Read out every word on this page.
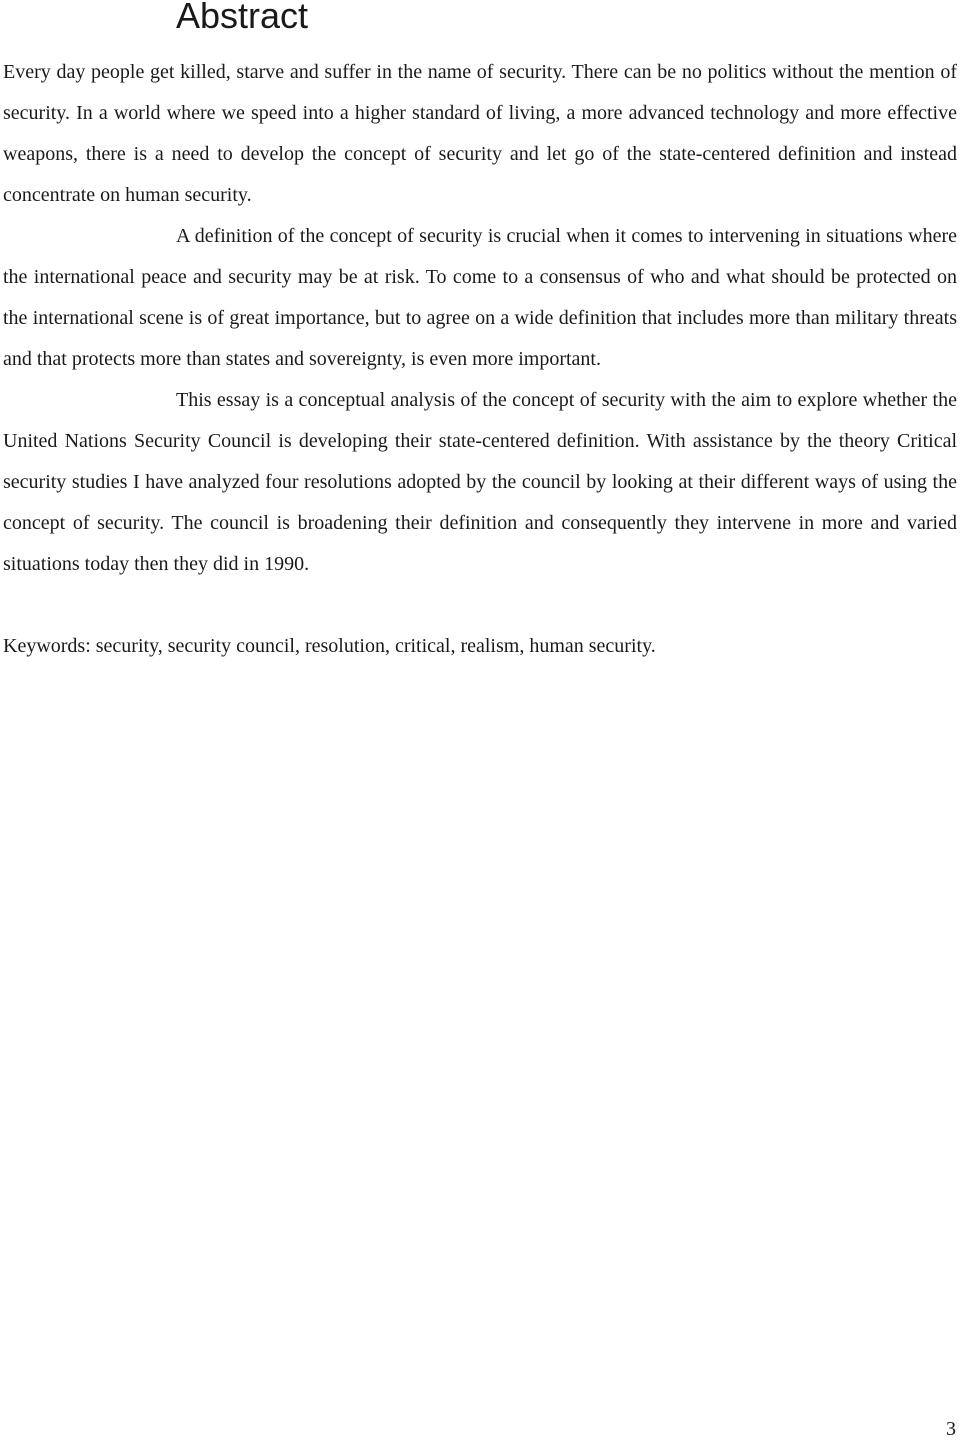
Abstract

Every day people get killed, starve and suffer in the name of security. There can be no politics without the mention of security. In a world where we speed into a higher standard of living, a more advanced technology and more effective weapons, there is a need to develop the concept of security and let go of the state-centered definition and instead concentrate on human security.

A definition of the concept of security is crucial when it comes to intervening in situations where the international peace and security may be at risk. To come to a consensus of who and what should be protected on the international scene is of great importance, but to agree on a wide definition that includes more than military threats and that protects more than states and sovereignty, is even more important.

This essay is a conceptual analysis of the concept of security with the aim to explore whether the United Nations Security Council is developing their state-centered definition. With assistance by the theory Critical security studies I have analyzed four resolutions adopted by the council by looking at their different ways of using the concept of security. The council is broadening their definition and consequently they intervene in more and varied situations today then they did in 1990.

Keywords: security, security council, resolution, critical, realism, human security.

3
